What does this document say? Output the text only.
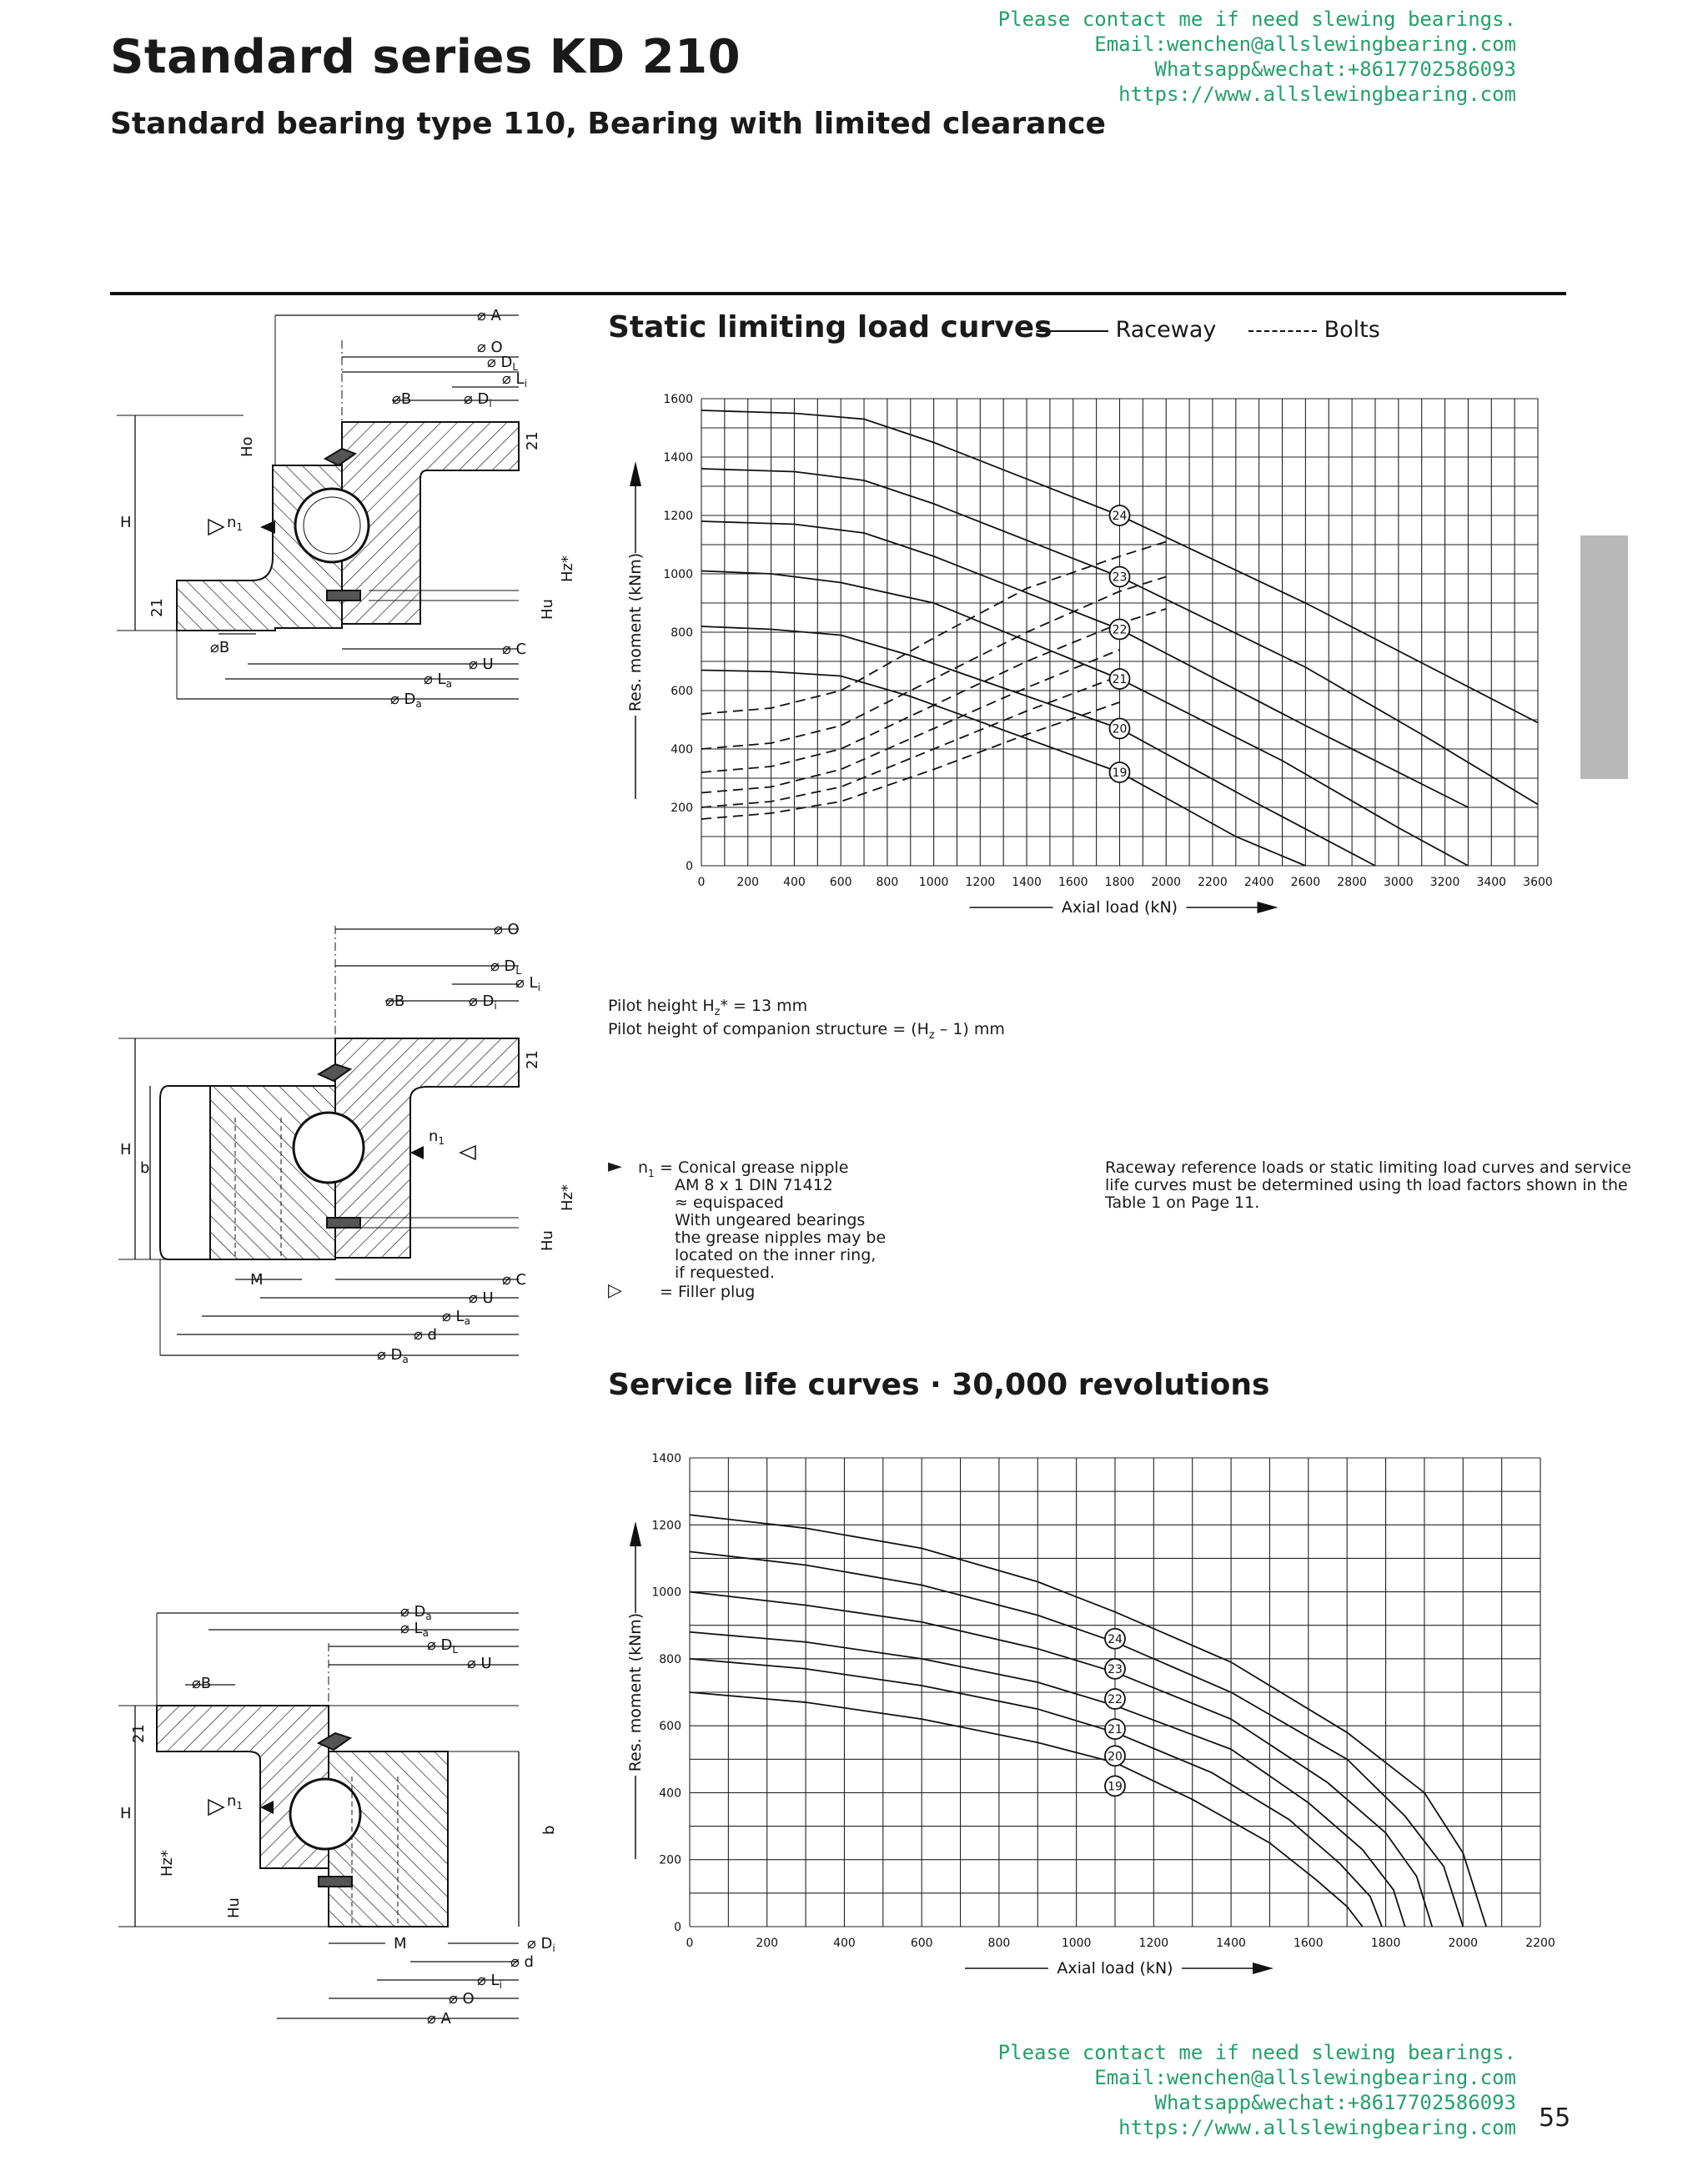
Standard series KD 210
Standard bearing type 110, Bearing with limited clearance
Please contact me if need slewing bearings.
Email:wenchen@allslewingbearing.com
Whatsapp&wechat:+8617702586093
https://www.allslewingbearing.com
Static limiting load curves	Raceway	Bolts
0	200 400 600 800 1000 1200 1400 1600 1800 2000 2200 2400 2600 2800 3000 3200 3400 3600
0
200
400
600
800
1000
1200
1400
1600
Axial load (kN)
Res. moment (kNm)
24
23
22
21
20
19
Pilot height $H_z* = 13$ mm
Pilot height of companion structure = $(H_z - 1)$ mm
► $n_1$ = Conical grease nipple
AM 8 x 1 DIN 71412
≈ equispaced
With ungeared bearings
the grease nipples may be
located on the inner ring,
if requested.
▷ = Filler plug
Raceway reference loads or static limiting load curves and service
life curves must be determined using th load factors shown in the
Table 1 on Page 11.
Service life curves · 30,000 revolutions
0	200	400	600	800	1000	1200	1400	1600	1800	2000	2200
0
200
400
600
800
1000
1200
1400
Axial load (kN)
Res. moment (kNm)	24
23
22
21
20
19
⌀ A
⌀ O
⌀ $D_L$
⌀ $L_i$
⌀ $D_i$
⌀B
H
Ho	21
21
$n_1$
Hz*
Hu
⌀B	⌀ C
⌀ U
⌀ $L_a$
⌀ $D_a$
⌀ O
⌀ $D_L$
⌀ $L_i$
⌀ $D_i$
⌀B
H
b
21
$n_1$
Hz*
Hu
M	⌀ C
⌀ U
⌀ $L_a$
⌀ d
⌀ $D_a$
⌀ $D_a$
⌀ $L_a$
⌀ $D_L$
⌀ U
⌀B
H
21
$n_1$
Hz*
Hu
b
M	⌀ $D_i$
⌀ d
⌀ $L_i$
⌀ O
⌀ A
Please contact me if need slewing bearings.
Email:wenchen@allslewingbearing.com
Whatsapp&wechat:+8617702586093
https://www.allslewingbearing.com 55
